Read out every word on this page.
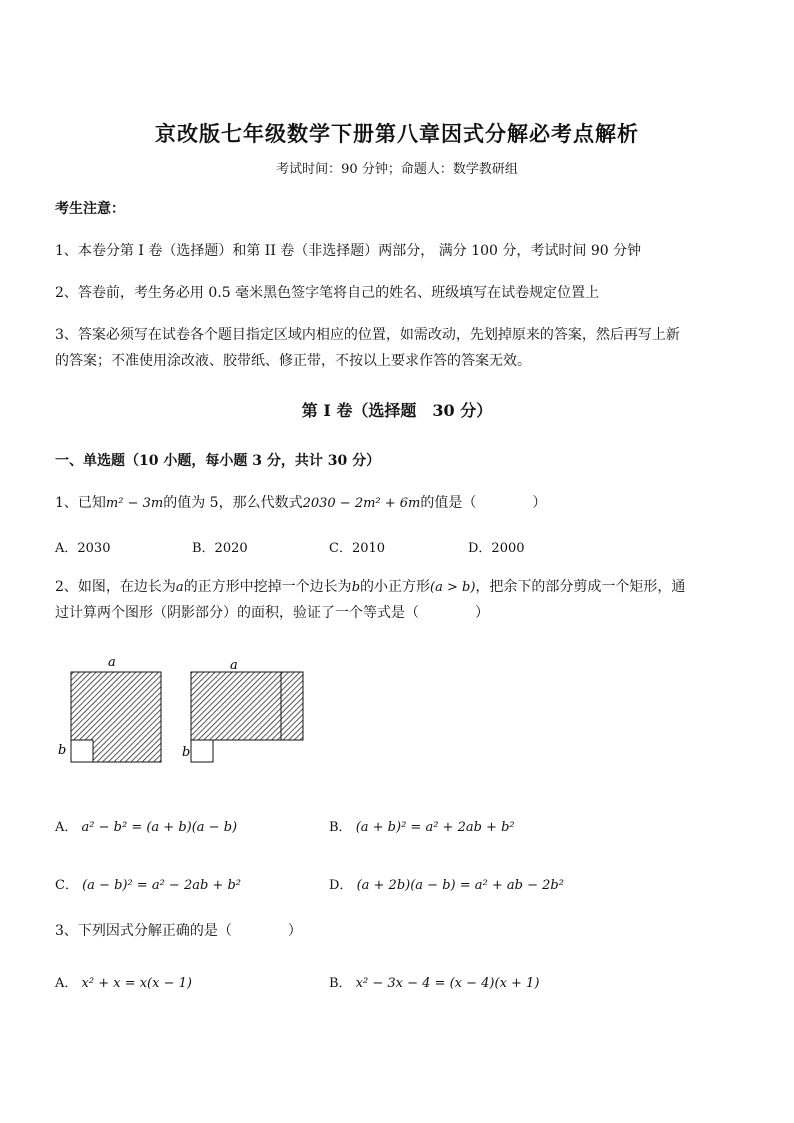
京改版七年级数学下册第八章因式分解必考点解析
考试时间：90 分钟；命题人：数学教研组
考生注意：
1、本卷分第 I 卷（选择题）和第 II 卷（非选择题）两部分， 满分 100 分，考试时间 90 分钟
2、答卷前，考生务必用 0.5 毫米黑色签字笔将自己的姓名、班级填写在试卷规定位置上
3、答案必须写在试卷各个题目指定区域内相应的位置，如需改动，先划掉原来的答案，然后再写上新
的答案；不准使用涂改液、胶带纸、修正带，不按以上要求作答的答案无效。
第 I 卷（选择题　30 分）
一、单选题（10 小题，每小题 3 分，共计 30 分）
1、已知m² − 3m的值为 5，那么代数式2030 − 2m² + 6m的值是（　　　　）
A．2030	B．2020	C．2010	D．2000
2、如图，在边长为a的正方形中挖掉一个边长为b的小正方形(a > b)，把余下的部分剪成一个矩形，通
过计算两个图形（阴影部分）的面积，验证了一个等式是（　　　　）
a
b
a
b
A． a² − b² = (a + b)(a − b)	B． (a + b)² = a² + 2ab + b²
C． (a − b)² = a² − 2ab + b²	D． (a + 2b)(a − b) = a² + ab − 2b²
3、下列因式分解正确的是（　　　　）
A． x² + x = x(x − 1)	B． x² − 3x − 4 = (x − 4)(x + 1)
